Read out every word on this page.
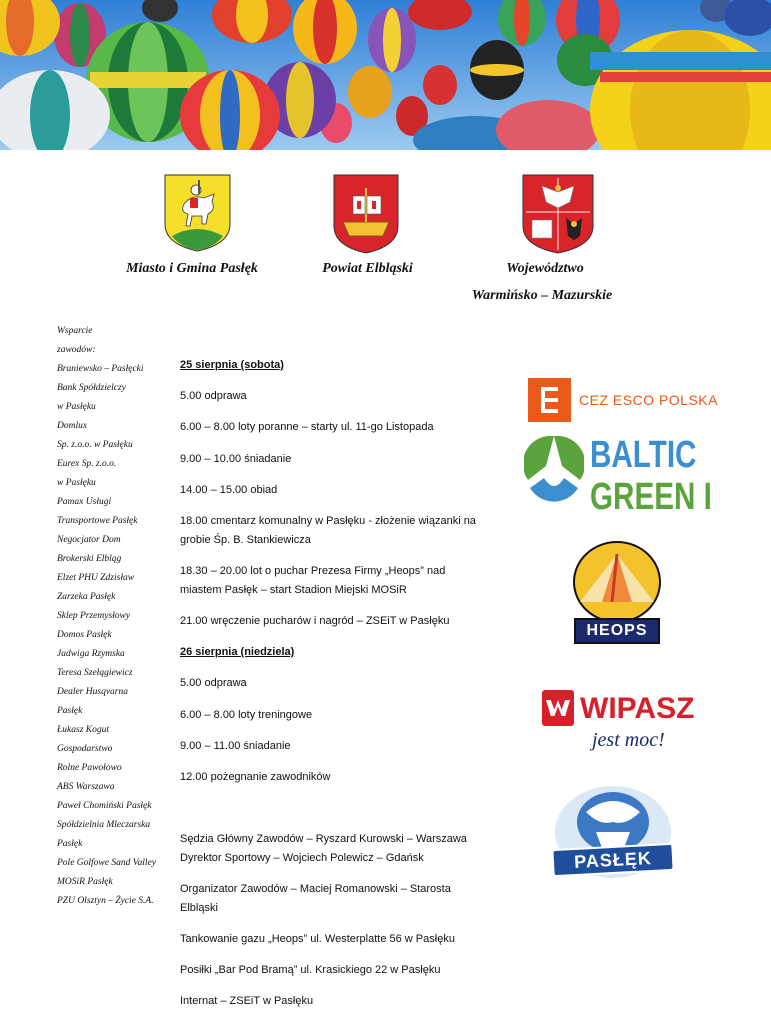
Miasto i Gmina Pasłęk	Powiat Elbląski	Województwo
Warmińsko – Mazurskie
Wsparcie
zawodów:
Braniewsko – Pasłęcki
Bank Spółdzielczy
w Pasłęku
Domlux
Sp. z.o.o. w Pasłęku
Eurex Sp. z.o.o.
w Pasłęku
Pamax Usługi
Transportowe Pasłęk
Negocjator Dom
Brokerski Elbląg
Elzet PHU Zdzisław
Zarzeka Pasłęk
Sklep Przemysłowy
Domos Pasłęk
Jadwiga Rzymska
Teresa Szełągiewicz
Dealer Husqvarna
Pasłęk
Łukasz Kogut
Gospodarstwo
Rolne Pawołowo
ABS Warszawa
Paweł Chomiński Pasłęk
Spółdzielnia Mleczarska
Pasłęk
Pole Golfowe Sand Valley
MOSiR Pasłęk
PZU Olsztyn – Życie S.A.
25 sierpnia (sobota)
5.00 odprawa
6.00 – 8.00 loty poranne – starty ul. 11-go Listopada
9.00 – 10.00 śniadanie
14.00 – 15.00 obiad
18.00 cmentarz komunalny w Pasłęku - złożenie wiązanki na
grobie Śp. B. Stankiewicza
18.30 – 20.00 lot o puchar Prezesa Firmy „Heops” nad
miastem Pasłęk – start Stadion Miejski MOSiR
21.00 wręczenie pucharów i nagród – ZSEiT w Pasłęku
26 sierpnia (niedziela)
5.00 odprawa
6.00 – 8.00 loty treningowe
9.00 – 11.00 śniadanie
12.00 pożegnanie zawodników
Sędzia Główny Zawodów – Ryszard Kurowski – Warszawa
Dyrektor Sportowy – Wojciech Polewicz – Gdańsk
Organizator Zawodów – Maciej Romanowski – Starosta
Elbląski
Tankowanie gazu „Heops” ul. Westerplatte 56 w Pasłęku
Posiłki „Bar Pod Bramą” ul. Krasickiego 22 w Pasłęku
Internat – ZSEiT w Pasłęku
CEZ ESCO POLSKA
BALTIC
GREEN I
HEOPS
WIPASZ
jest moc!
PASŁĘK
